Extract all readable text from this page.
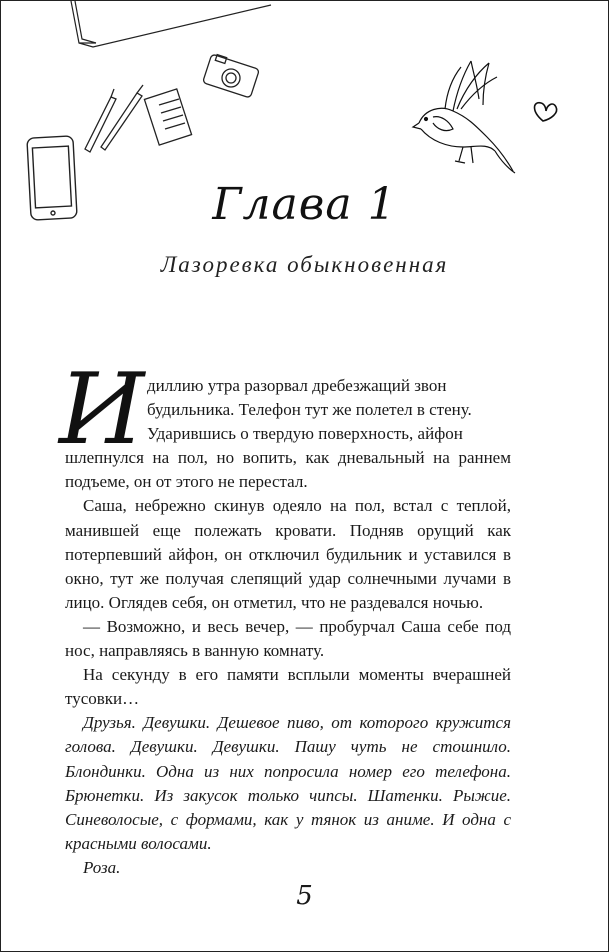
Глава 1
Лазоревка обыкновенная
И диллию утра разорвал дребезжащий звон
будильника. Телефон тут же полетел в стену.
Ударившись о твердую поверхность, айфон

шлепнулся на пол, но вопить, как дневальный на раннем подъеме, он от этого не перестал.

Саша, небрежно скинув одеяло на пол, встал с теплой, манившей еще полежать кровати. Подняв орущий как потерпевший айфон, он отключил будильник и уставился в окно, тут же получая слепящий удар солнечными лучами в лицо. Оглядев себя, он отметил, что не раздевался ночью.

— Возможно, и весь вечер, — пробурчал Саша себе под нос, направляясь в ванную комнату.

На секунду в его памяти всплыли моменты вчерашней тусовки…

Друзья. Девушки. Дешевое пиво, от которого кружится голова. Девушки. Девушки. Пашу чуть не стошнило. Блондинки. Одна из них попросила номер его телефона. Брюнетки. Из закусок только чипсы. Шатенки. Рыжие. Синеволосые, с формами, как у тянок из аниме. И одна с красными волосами.

Роза.

5
